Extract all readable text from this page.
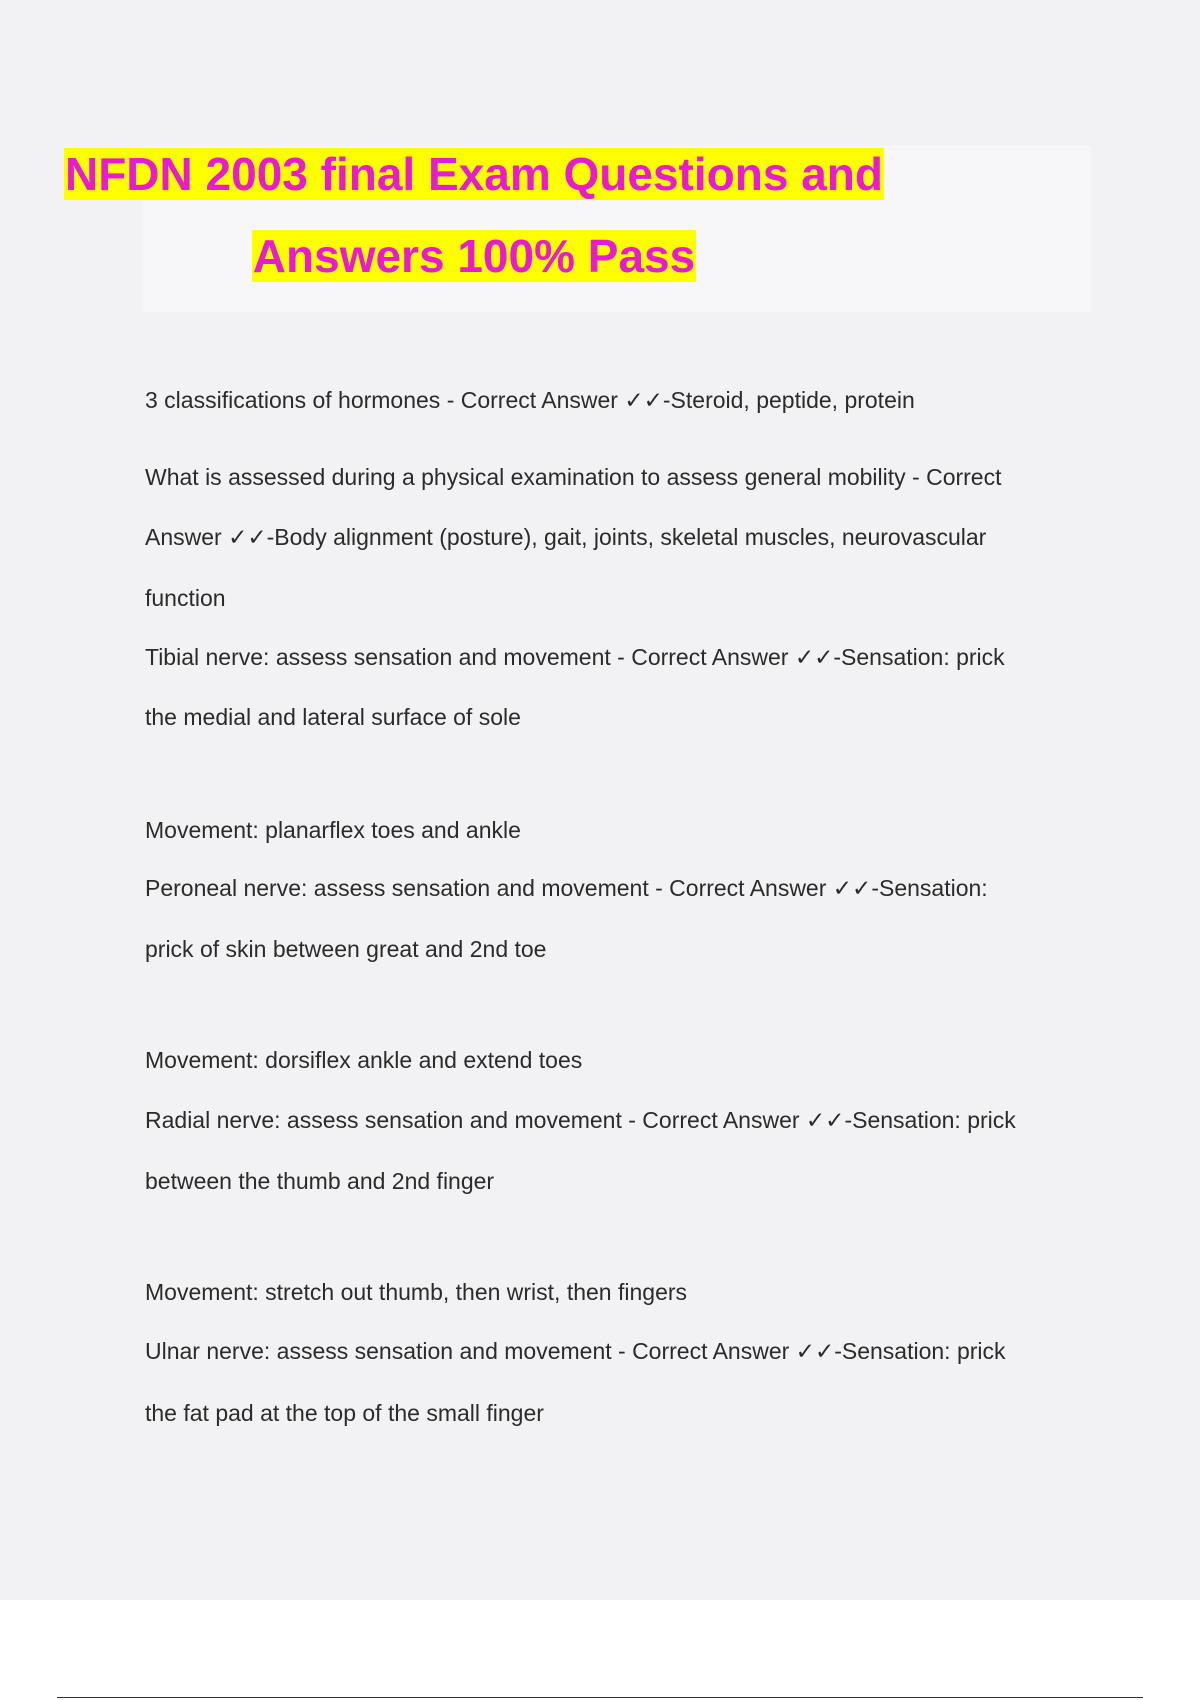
NFDN 2003 final Exam Questions and
Answers 100% Pass
3 classifications of hormones - Correct Answer ✓✓-Steroid, peptide, protein
What is assessed during a physical examination to assess general mobility - Correct
Answer ✓✓-Body alignment (posture), gait, joints, skeletal muscles, neurovascular
function
Tibial nerve: assess sensation and movement - Correct Answer ✓✓-Sensation: prick
the medial and lateral surface of sole
Movement: planarflex toes and ankle
Peroneal nerve: assess sensation and movement - Correct Answer ✓✓-Sensation:
prick of skin between great and 2nd toe
Movement: dorsiflex ankle and extend toes
Radial nerve: assess sensation and movement - Correct Answer ✓✓-Sensation: prick
between the thumb and 2nd finger
Movement: stretch out thumb, then wrist, then fingers
Ulnar nerve: assess sensation and movement - Correct Answer ✓✓-Sensation: prick
the fat pad at the top of the small finger
